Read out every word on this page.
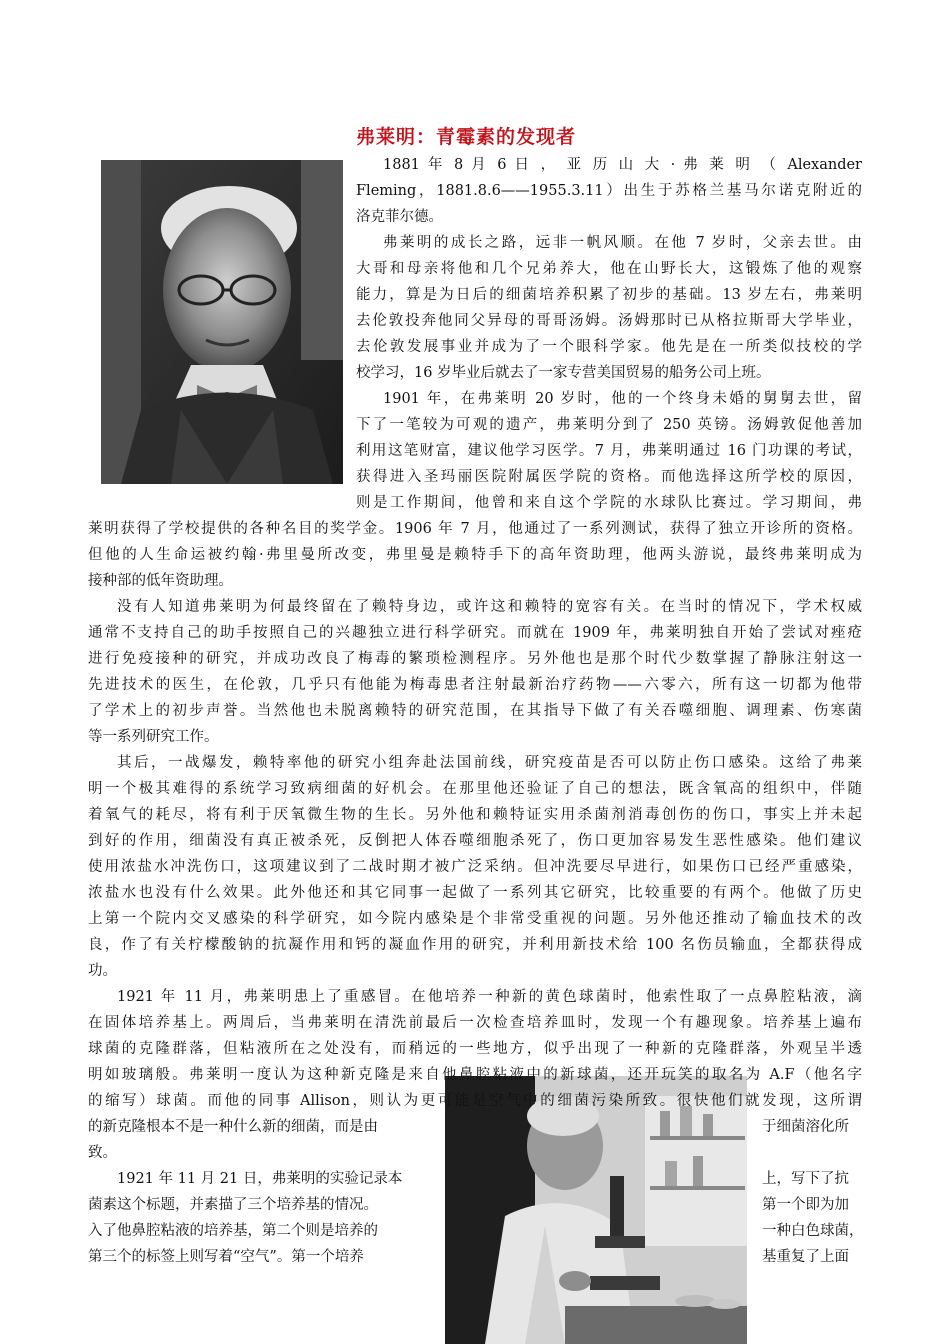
弗莱明：青霉素的发现者
1881 年 8 月 6 日 ， 亚 历 山 大 · 弗 莱 明 （ Alexander
Fleming，1881.8.6——1955.3.11）出生于苏格兰基马尔诺克附近的
洛克菲尔德。
弗莱明的成长之路，远非一帆风顺。在他 7 岁时，父亲去世。由
大哥和母亲将他和几个兄弟养大，他在山野长大，这锻炼了他的观察
能力，算是为日后的细菌培养积累了初步的基础。13 岁左右，弗莱明
去伦敦投奔他同父异母的哥哥汤姆。汤姆那时已从格拉斯哥大学毕业，
去伦敦发展事业并成为了一个眼科学家。他先是在一所类似技校的学
校学习，16 岁毕业后就去了一家专营美国贸易的船务公司上班。
1901 年，在弗莱明 20 岁时，他的一个终身未婚的舅舅去世，留
下了一笔较为可观的遗产，弗莱明分到了 250 英镑。汤姆敦促他善加
利用这笔财富，建议他学习医学。7 月，弗莱明通过 16 门功课的考试，
获得进入圣玛丽医院附属医学院的资格。而他选择这所学校的原因，
则是工作期间，他曾和来自这个学院的水球队比赛过。学习期间，弗
莱明获得了学校提供的各种名目的奖学金。1906 年 7 月，他通过了一系列测试，获得了独立开诊所的资格。
但他的人生命运被约翰·弗里曼所改变，弗里曼是赖特手下的高年资助理，他两头游说，最终弗莱明成为
接种部的低年资助理。
没有人知道弗莱明为何最终留在了赖特身边，或许这和赖特的宽容有关。在当时的情况下，学术权威
通常不支持自己的助手按照自己的兴趣独立进行科学研究。而就在 1909 年，弗莱明独自开始了尝试对痤疮
进行免疫接种的研究，并成功改良了梅毒的繁琐检测程序。另外他也是那个时代少数掌握了静脉注射这一
先进技术的医生，在伦敦，几乎只有他能为梅毒患者注射最新治疗药物——六零六，所有这一切都为他带
了学术上的初步声誉。当然他也未脱离赖特的研究范围，在其指导下做了有关吞噬细胞、调理素、伤寒菌
等一系列研究工作。
其后，一战爆发，赖特率他的研究小组奔赴法国前线，研究疫苗是否可以防止伤口感染。这给了弗莱
明一个极其难得的系统学习致病细菌的好机会。在那里他还验证了自己的想法，既含氧高的组织中，伴随
着氧气的耗尽，将有利于厌氧微生物的生长。另外他和赖特证实用杀菌剂消毒创伤的伤口，事实上并未起
到好的作用，细菌没有真正被杀死，反倒把人体吞噬细胞杀死了，伤口更加容易发生恶性感染。他们建议
使用浓盐水冲洗伤口，这项建议到了二战时期才被广泛采纳。但冲洗要尽早进行，如果伤口已经严重感染，
浓盐水也没有什么效果。此外他还和其它同事一起做了一系列其它研究，比较重要的有两个。他做了历史
上第一个院内交叉感染的科学研究，如今院内感染是个非常受重视的问题。另外他还推动了输血技术的改
良，作了有关柠檬酸钠的抗凝作用和钙的凝血作用的研究，并利用新技术给 100 名伤员输血，全都获得成
功。
1921 年 11 月，弗莱明患上了重感冒。在他培养一种新的黄色球菌时，他索性取了一点鼻腔粘液，滴
在固体培养基上。两周后，当弗莱明在清洗前最后一次检查培养皿时，发现一个有趣现象。培养基上遍布
球菌的克隆群落，但粘液所在之处没有，而稍远的一些地方，似乎出现了一种新的克隆群落，外观呈半透
明如玻璃般。弗莱明一度认为这种新克隆是来自他鼻腔粘液中的新球菌，还开玩笑的取名为 A.F（他名字
的缩写）球菌。而他的同事 Allison，则认为更可能是空气中的细菌污染所致。很快他们就发现，这所谓
的新克隆根本不是一种什么新的细菌，而是由	于细菌溶化所
致。
1921 年 11 月 21 日，弗莱明的实验记录本	上，写下了抗
菌素这个标题，并素描了三个培养基的情况。	第一个即为加
入了他鼻腔粘液的培养基，第二个则是培养的	一种白色球菌，
第三个的标签上则写着“空气”。第一个培养	基重复了上面
